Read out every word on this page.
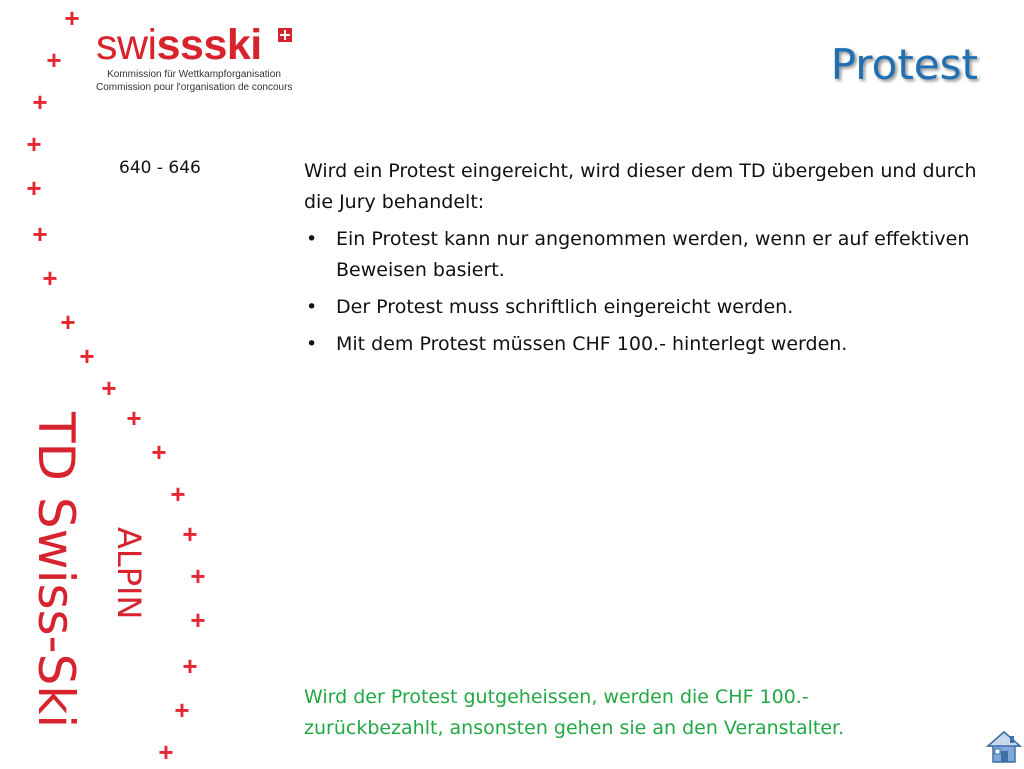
+
+
+
+
+
+
+
+
+
+
+
+
+
+
+
+
+
+
+
swissski
Kommission für Wettkampforganisation
Commission pour l'organisation de concours	Protest
640 - 646	Wird ein Protest eingereicht, wird dieser dem TD übergeben und durch die Jury behandelt:

• Ein Protest kann nur angenommen werden, wenn er auf effektiven Beweisen basiert.
• Der Protest muss schriftlich eingereicht werden.
• Mit dem Protest müssen CHF 100.- hinterlegt werden.
Wird der Protest gutgeheissen, werden die CHF 100.- zurückbezahlt, ansonsten gehen sie an den Veranstalter.
TD Swiss-Ski ALPIN
